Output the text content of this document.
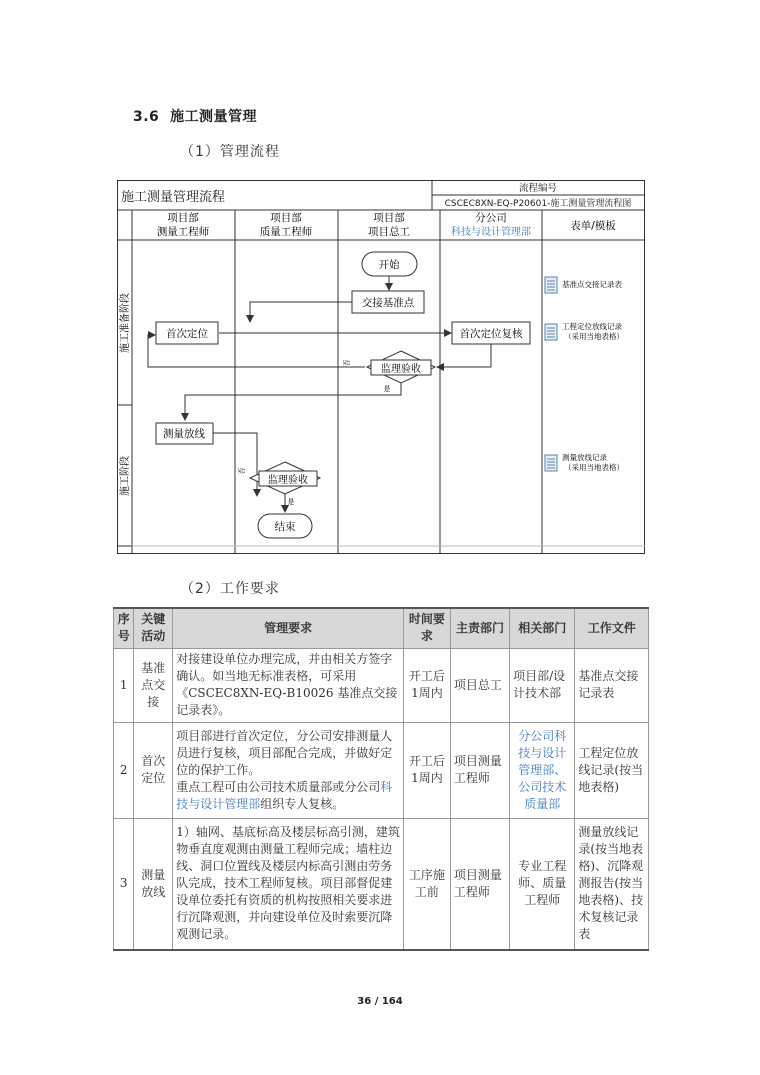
3.6 施工测量管理
（1）管理流程
施工测量管理流程
流程编号
CSCEC8XN-EQ-P20601-施工测量管理流程图
项目部
测量工程师
项目部
质量工程师
项目部
项目总工
分公司
科技与设计管理部
表单/模板
施工准备阶段
施工阶段
开始
交接基准点
首次定位	首次定位复核
监理验收
否
是
测量放线
监理验收
否
是
结束
基准点交接记录表
工程定位放线记录
（采用当地表格）
测量放线记录
（采用当地表格）
（2）工作要求
序号	关键活动	管理要求	时间要求	主责部门	相关部门	工作文件
1	基准点交接	对接建设单位办理完成，并由相关方签字确认。如当地无标准表格，可采用《CSCEC8XN-EQ-B10026 基准点交接记录表》。	开工后1周内	项目总工	项目部/设计技术部	基准点交接记录表
2	首次定位	项目部进行首次定位，分公司安排测量人员进行复核，项目部配合完成，并做好定位的保护工作。
重点工程可由公司技术质量部或分公司科技与设计管理部组织专人复核。	开工后1周内	项目测量工程师	分公司科技与设计管理部、公司技术质量部	工程定位放线记录(按当地表格)
3	测量放线	1）轴网、基底标高及楼层标高引测，建筑物垂直度观测由测量工程师完成；墙柱边线、洞口位置线及楼层内标高引测由劳务队完成，技术工程师复核。项目部督促建设单位委托有资质的机构按照相关要求进行沉降观测，并向建设单位及时索要沉降观测记录。	工序施工前	项目测量工程师	专业工程师、质量工程师	测量放线记录(按当地表格)、沉降观测报告(按当地表格)、技术复核记录表
36 / 164
